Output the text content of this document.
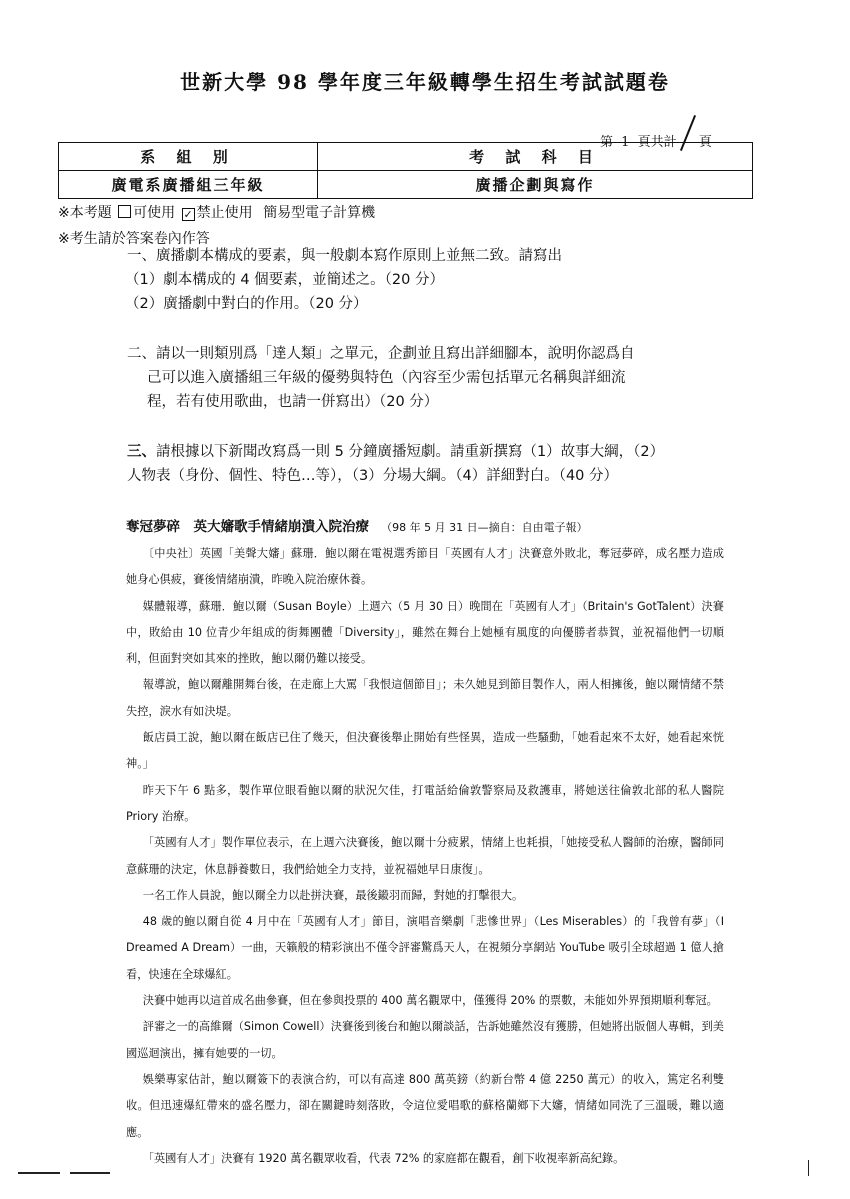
世新大學 98 學年度三年級轉學生招生考試試題卷
第 1 頁共計 頁
系 組 別	考 試 科 目
廣電系廣播組三年級	廣播企劃與寫作
※本考題 可使用 ✓ 禁止使用 簡易型電子計算機
※考生請於答案卷內作答
一、廣播劇本構成的要素，與一般劇本寫作原則上並無二致。請寫出
（1）劇本構成的 4 個要素，並簡述之。（20 分）
（2）廣播劇中對白的作用。（20 分）
二、請以一則類別爲「達人類」之單元，企劃並且寫出詳細腳本，說明你認爲自
己可以進入廣播組三年級的優勢與特色（內容至少需包括單元名稱與詳細流
程，若有使用歌曲，也請一併寫出）（20 分）
三、請根據以下新聞改寫爲一則 5 分鐘廣播短劇。請重新撰寫（1）故事大綱，（2）
人物表（身份、個性、特色…等），（3）分場大綱。（4）詳細對白。（40 分）
奪冠夢碎　英大嬸歌手情緒崩潰入院治療 （98 年 5 月 31 日—摘自：自由電子報）

〔中央社〕英國「美聲大嬸」蘇珊．鮑以爾在電視選秀節目「英國有人才」決賽意外敗北，奪冠夢碎，成名壓力造成她身心俱疲，賽後情緒崩潰，昨晚入院治療休養。

媒體報導，蘇珊．鮑以爾（Susan Boyle）上週六（5 月 30 日）晚間在「英國有人才」（Britain's GotTalent）決賽中，敗給由 10 位青少年組成的街舞團體「Diversity」，雖然在舞台上她極有風度的向優勝者恭賀，並祝福他們一切順利，但面對突如其來的挫敗，鮑以爾仍難以接受。

報導說，鮑以爾離開舞台後，在走廊上大罵「我恨這個節目」；未久她見到節目製作人，兩人相擁後，鮑以爾情緒不禁失控，淚水有如決堤。

飯店員工說，鮑以爾在飯店已住了幾天，但決賽後舉止開始有些怪異，造成一些騷動，「她看起來不太好，她看起來恍神。」

昨天下午 6 點多，製作單位眼看鮑以爾的狀況欠佳，打電話給倫敦警察局及救護車，將她送往倫敦北部的私人醫院 Priory 治療。

「英國有人才」製作單位表示，在上週六決賽後，鮑以爾十分疲累，情緒上也耗損，「她接受私人醫師的治療，醫師同意蘇珊的決定，休息靜養數日，我們給她全力支持，並祝福她早日康復」。

一名工作人員說，鮑以爾全力以赴拼決賽，最後鎩羽而歸，對她的打擊很大。

48 歲的鮑以爾自從 4 月中在「英國有人才」節目，演唱音樂劇「悲慘世界」（Les Miserables）的「我曾有夢」（I Dreamed A Dream）一曲，天籟般的精彩演出不僅令評審驚爲天人，在視頻分享網站 YouTube 吸引全球超過 1 億人搶看，快速在全球爆紅。

決賽中她再以這首成名曲參賽，但在參與投票的 400 萬名觀眾中，僅獲得 20% 的票數，未能如外界預期順利奪冠。

評審之一的高維爾（Simon Cowell）決賽後到後台和鮑以爾談話，告訴她雖然沒有獲勝，但她將出版個人專輯，到美國巡迴演出，擁有她要的一切。

娛樂專家估計，鮑以爾簽下的表演合約，可以有高達 800 萬英鎊（約新台幣 4 億 2250 萬元）的收入，篤定名利雙收。但迅速爆紅帶來的盛名壓力，卻在關鍵時刻落敗，令這位愛唱歌的蘇格蘭鄉下大嬸，情緒如同洗了三溫暖，難以適應。

「英國有人才」決賽有 1920 萬名觀眾收看，代表 72% 的家庭都在觀看，創下收視率新高紀錄。
